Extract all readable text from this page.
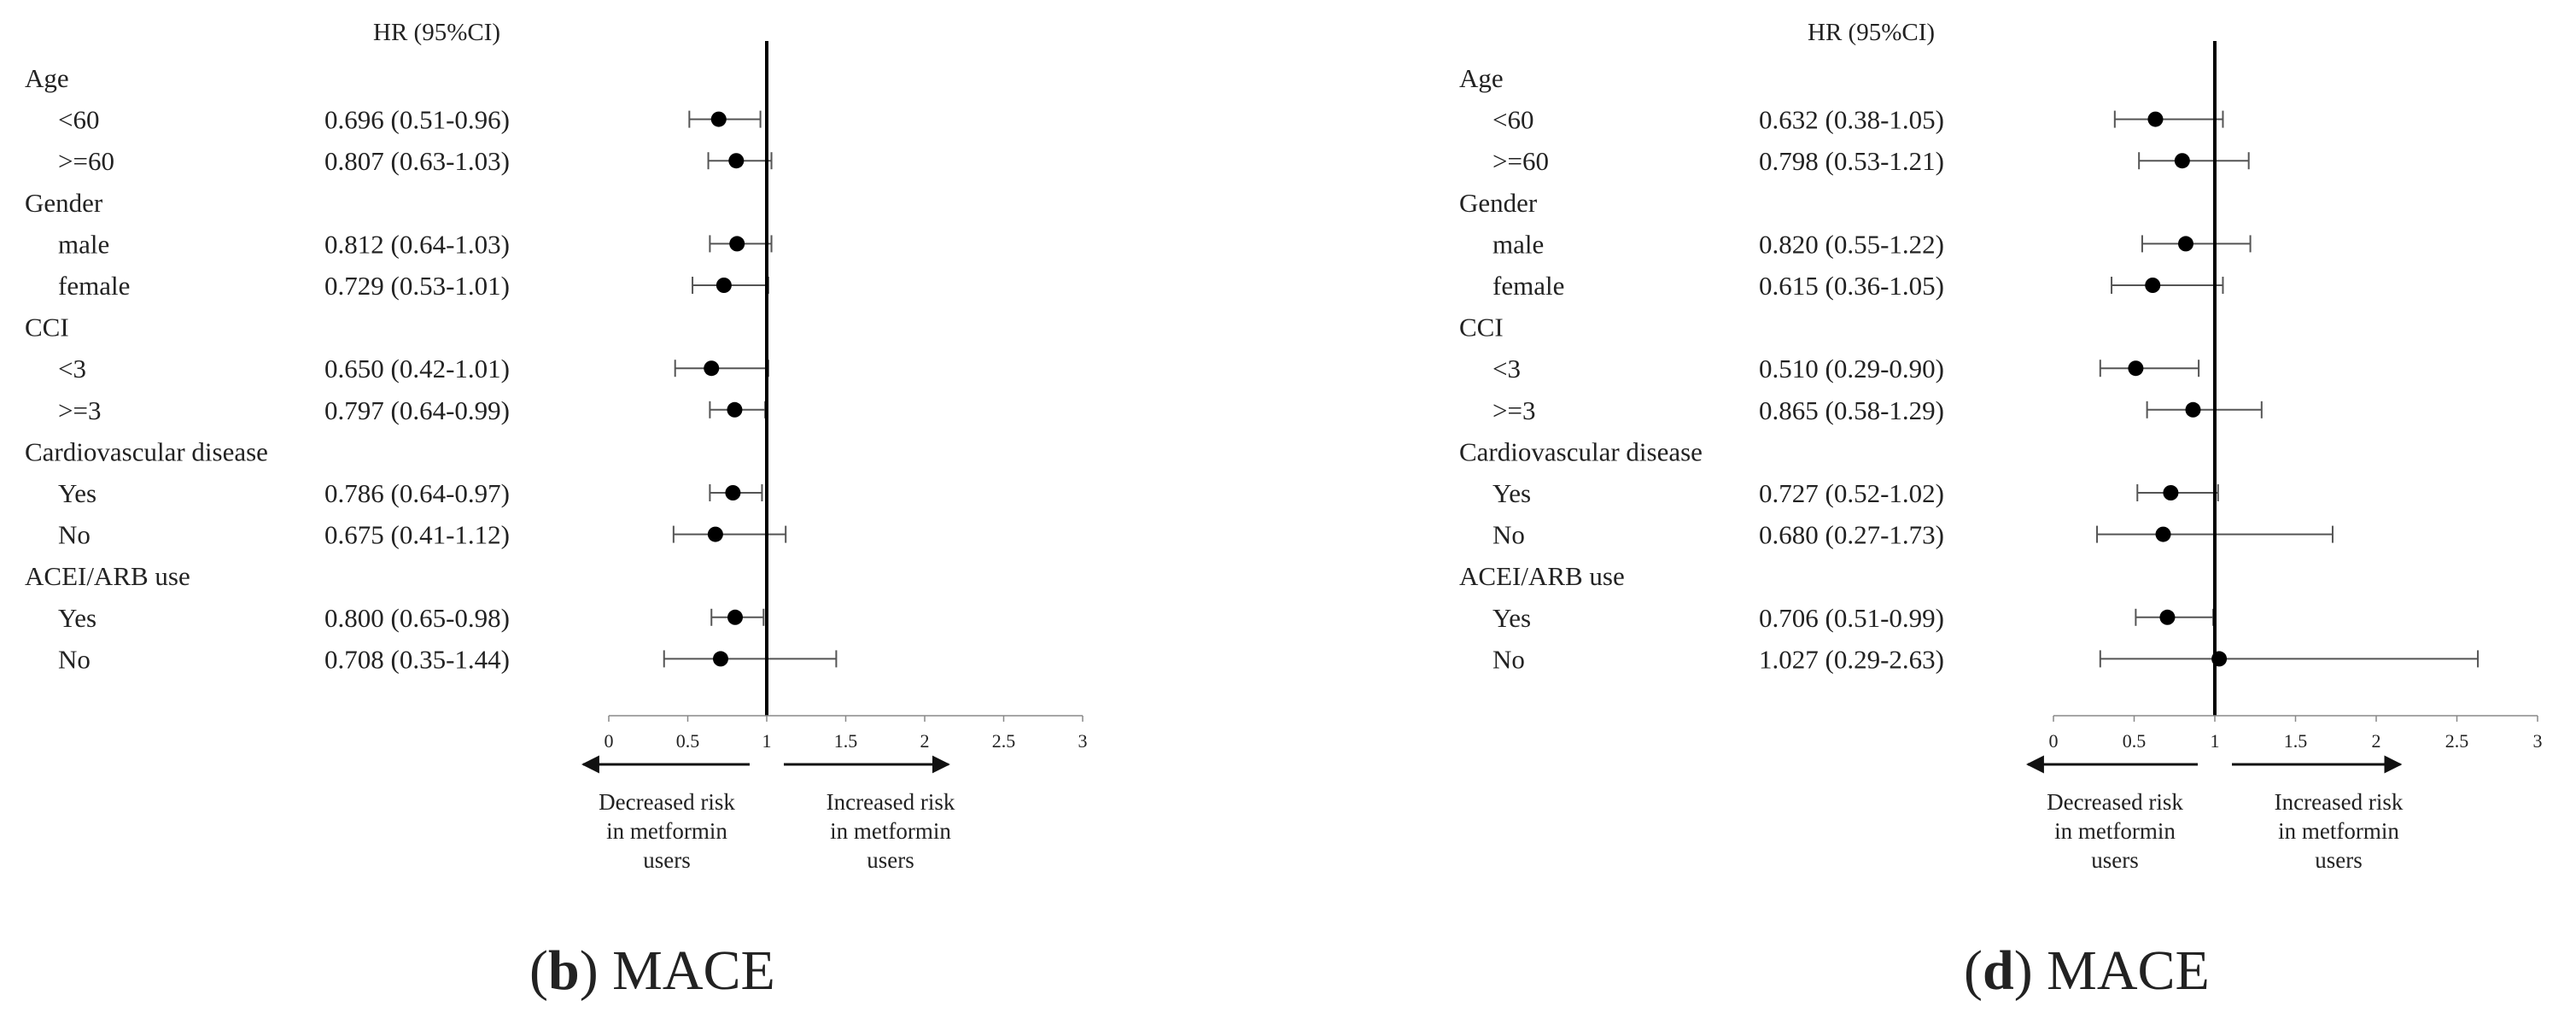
HR (95%CI)
Age
<60	0.696 (0.51-0.96)
>=60	0.807 (0.63-1.03)
Gender
male	0.812 (0.64-1.03)
female	0.729 (0.53-1.01)
CCI
<3	0.650 (0.42-1.01)
>=3	0.797 (0.64-0.99)
Cardiovascular disease
Yes	0.786 (0.64-0.97)
No	0.675 (0.41-1.12)
ACEI/ARB use
Yes	0.800 (0.65-0.98)
No	0.708 (0.35-1.44)
0	0.5	1	1.5	2	2.5	3
Decreased risk
in metformin
users
Increased risk
in metformin
users
(b) MACE
HR (95%CI)
Age
<60	0.632 (0.38-1.05)
>=60	0.798 (0.53-1.21)
Gender
male	0.820 (0.55-1.22)
female	0.615 (0.36-1.05)
CCI
<3	0.510 (0.29-0.90)
>=3	0.865 (0.58-1.29)
Cardiovascular disease
Yes	0.727 (0.52-1.02)
No	0.680 (0.27-1.73)
ACEI/ARB use
Yes	0.706 (0.51-0.99)
No	1.027 (0.29-2.63)
0	0.5	1	1.5	2	2.5	3
Decreased risk
in metformin
users
Increased risk
in metformin
users
(d) MACE
